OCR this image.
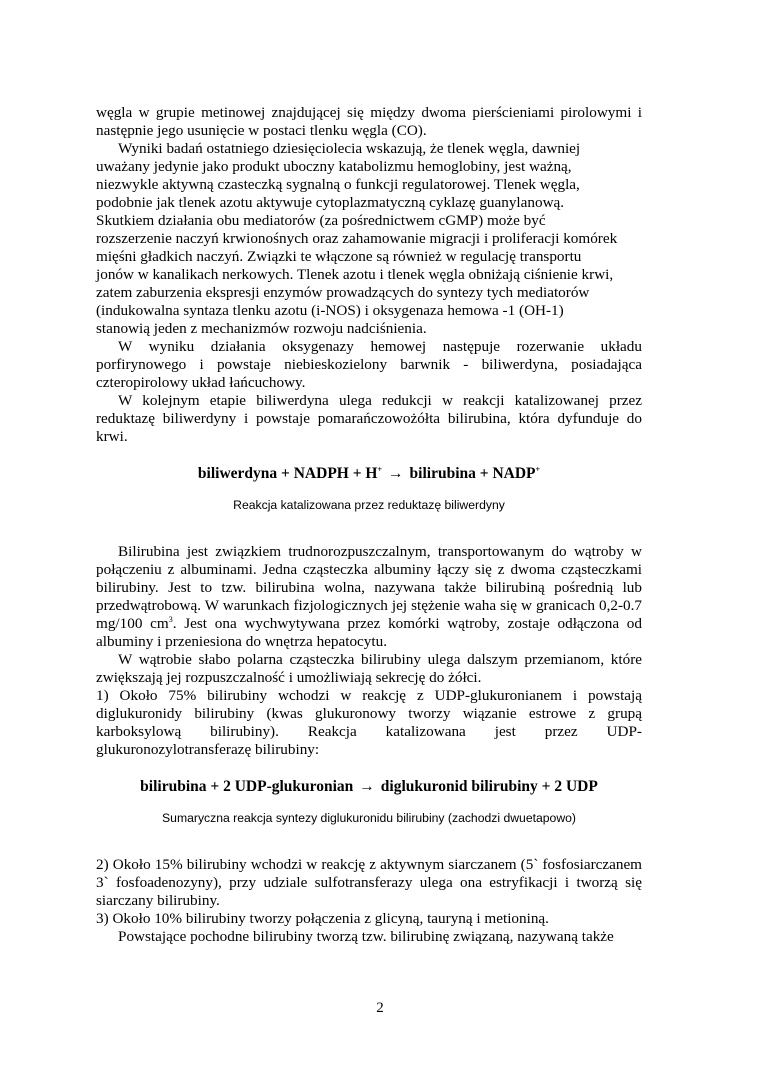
węgla w grupie metinowej znajdującej się między dwoma pierścieniami pirolowymi i następnie jego usunięcie w postaci tlenku węgla (CO).

Wyniki badań ostatniego dziesięciolecia wskazują, że tlenek węgla, dawniej

uważany jedynie jako produkt uboczny katabolizmu hemoglobiny, jest ważną,

niezwykle aktywną czasteczką sygnalną o funkcji regulatorowej. Tlenek węgla,

podobnie jak tlenek azotu aktywuje cytoplazmatyczną cyklazę guanylanową.

Skutkiem działania obu mediatorów (za pośrednictwem cGMP) może być

rozszerzenie naczyń krwionośnych oraz zahamowanie migracji i proliferacji komórek

mięśni gładkich naczyń. Związki te włączone są również w regulację transportu

jonów w kanalikach nerkowych. Tlenek azotu i tlenek węgla obniżają ciśnienie krwi,

zatem zaburzenia ekspresji enzymów prowadzących do syntezy tych mediatorów

(indukowalna syntaza tlenku azotu (i-NOS) i oksygenaza hemowa -1 (OH-1)

stanowią jeden z mechanizmów rozwoju nadciśnienia.

W wyniku działania oksygenazy hemowej następuje rozerwanie układu porfirynowego i powstaje niebieskozielony barwnik - biliwerdyna, posiadająca czteropirolowy układ łańcuchowy.

W kolejnym etapie biliwerdyna ulega redukcji w reakcji katalizowanej przez reduktazę biliwerdyny i powstaje pomarańczowożółta bilirubina, która dyfunduje do krwi.

biliwerdyna + NADPH + H+ → bilirubina + NADP+

Reakcja katalizowana przez reduktazę biliwerdyny

Bilirubina jest związkiem trudnorozpuszczalnym, transportowanym do wątroby w połączeniu z albuminami. Jedna cząsteczka albuminy łączy się z dwoma cząsteczkami bilirubiny. Jest to tzw. bilirubina wolna, nazywana także bilirubiną pośrednią lub przedwątrobową. W warunkach fizjologicznych jej stężenie waha się w granicach 0,2-0.7 mg/100 $cm^3$. Jest ona wychwytywana przez komórki wątroby, zostaje odłączona od albuminy i przeniesiona do wnętrza hepatocytu.

W wątrobie słabo polarna cząsteczka bilirubiny ulega dalszym przemianom, które zwiększają jej rozpuszczalność i umożliwiają sekrecję do żółci.

1) Około 75% bilirubiny wchodzi w reakcję z UDP-glukuronianem i powstają diglukuronidy bilirubiny (kwas glukuronowy tworzy wiązanie estrowe z grupą karboksylową bilirubiny). Reakcja katalizowana jest przez UDP-glukuronozylotransferazę bilirubiny:

bilirubina + 2 UDP-glukuronian → diglukuronid bilirubiny + 2 UDP

Sumaryczna reakcja syntezy diglukuronidu bilirubiny (zachodzi dwuetapowo)

2) Około 15% bilirubiny wchodzi w reakcję z aktywnym siarczanem (5` fosfosiarczanem 3` fosfoadenozyny), przy udziale sulfotransferazy ulega ona estryfikacji i tworzą się siarczany bilirubiny.

3) Około 10% bilirubiny tworzy połączenia z glicyną, tauryną i metioniną.

Powstające pochodne bilirubiny tworzą tzw. bilirubinę związaną, nazywaną także

2
